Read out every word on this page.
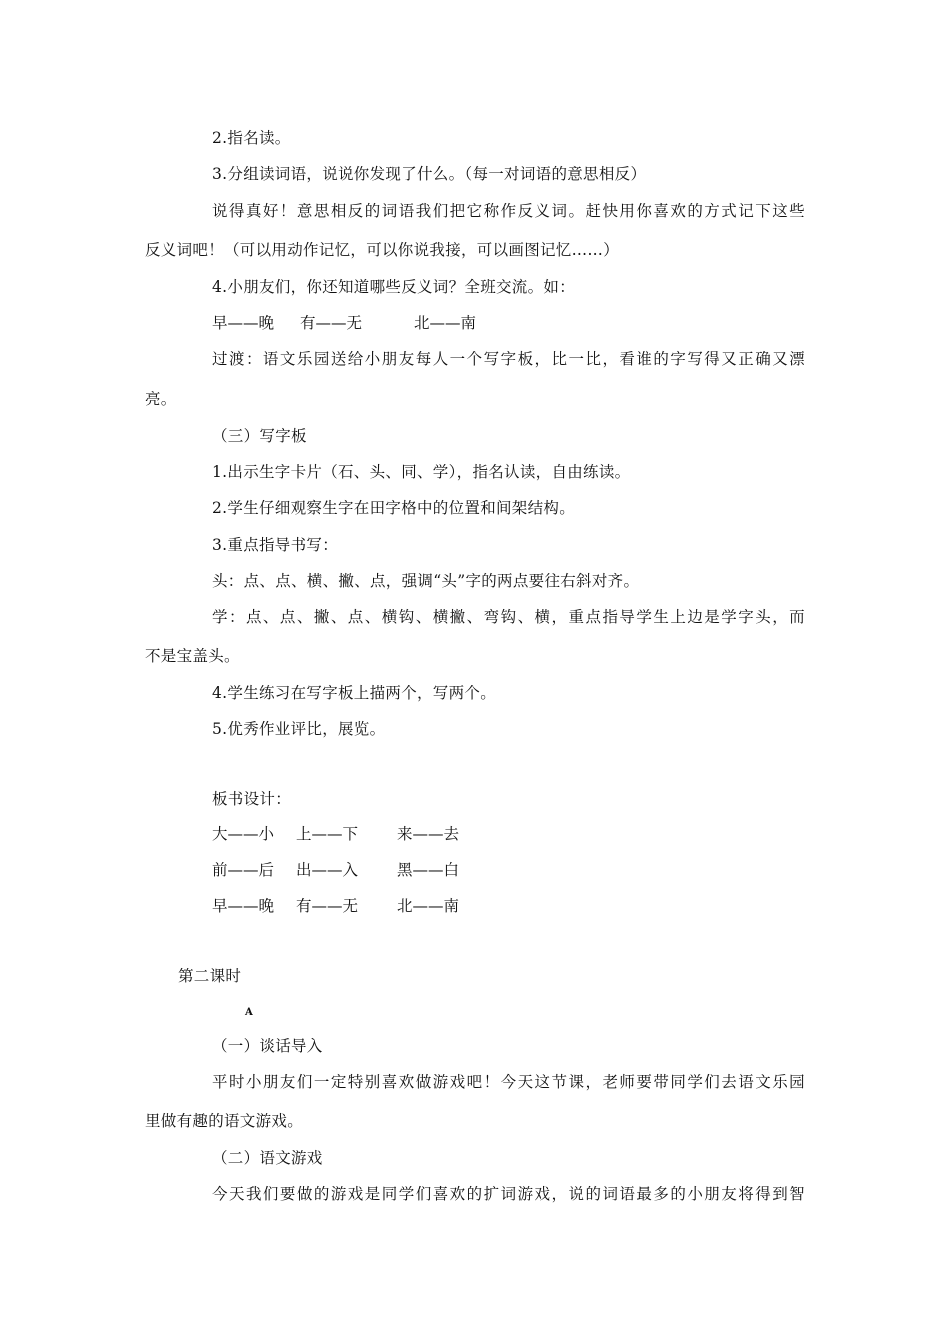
2.指名读。
3.分组读词语，说说你发现了什么。（每一对词语的意思相反）
说得真好！意思相反的词语我们把它称作反义词。赶快用你喜欢的方式记下这些
反义词吧！（可以用动作记忆，可以你说我接，可以画图记忆……）
4.小朋友们，你还知道哪些反义词？全班交流。如：
早——晚 有——无	北——南
过渡：语文乐园送给小朋友每人一个写字板，比一比，看谁的字写得又正确又漂
亮。
（三）写字板
1.出示生字卡片（石、头、同、学），指名认读，自由练读。
2.学生仔细观察生字在田字格中的位置和间架结构。
3.重点指导书写：
头：点、点、横、撇、点，强调“头”字的两点要往右斜对齐。
学：点、点、撇、点、横钩、横撇、弯钩、横，重点指导学生上边是学字头，而
不是宝盖头。
4.学生练习在写字板上描两个，写两个。
5.优秀作业评比，展览。
板书设计：
大——小 上——下	来——去
前——后 出——入	黑——白
早——晚 有——无	北——南
第二课时
A
（一）谈话导入
平时小朋友们一定特别喜欢做游戏吧！今天这节课，老师要带同学们去语文乐园
里做有趣的语文游戏。
（二）语文游戏
今天我们要做的游戏是同学们喜欢的扩词游戏，说的词语最多的小朋友将得到智
